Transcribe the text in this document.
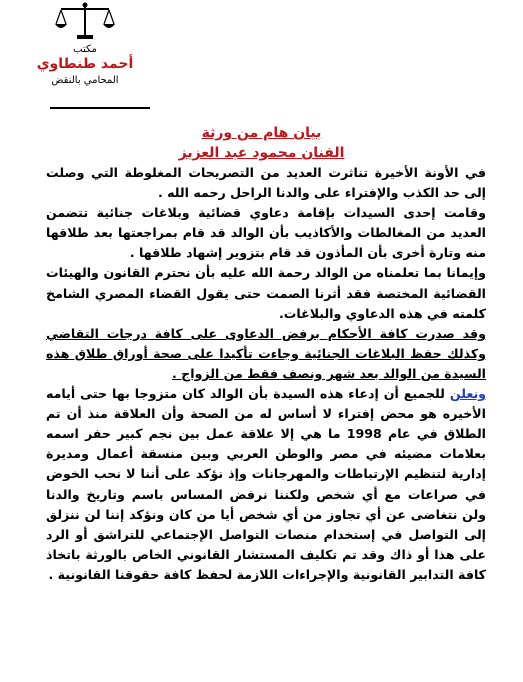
مكتب
أحمد طنطاوي
المحامي بالنقض
بيان هام من ورثة
الفنان محمود عبد العزيز

في الأونة الأخيرة تناثرت العديد من التصريحات المغلوطة التي وصلت إلى حد الكذب والإفتراء على والدنا الراحل رحمه الله .

وقامت إحدى السيدات بإقامة دعاوي قضائية وبلاغات جنائية تتضمن العديد من المغالطات والأكاذيب بأن الوالد قد قام بمراجعتها بعد طلاقها منه وتارة أخرى بأن المأذون قد قام بتزوير إشهاد طلاقها .

وإيمانا بما تعلمناه من الوالد رحمة الله عليه بأن نحترم القانون والهيئات القضائية المختصة فقد أثرنا الصمت حتى يقول القضاء المصري الشامخ كلمته في هذه الدعاوي والبلاغات.

وقد صدرت كافة الأحكام برفض الدعاوى على كافة درجات التقاضي وكذلك حفظ البلاغات الجنائية وجاءت تأكيدا على صحة أوراق طلاق هذه السيدة من الوالد بعد شهر ونصف فقط من الزواج .

ونعلن للجميع أن إدعاء هذه السيدة بأن الوالد كان متزوجا بها حتى أيامه الأخيره هو محض إفتراء لا أساس له من الصحة وأن العلاقة منذ أن تم الطلاق في عام 1998 ما هي إلا علاقة عمل بين نجم كبير حفر اسمه بعلامات مضيئه في مصر والوطن العربي وبين منسقة أعمال ومديرة إدارية لتنظيم الإرتباطات والمهرجانات وإذ نؤكد على أننا لا نحب الخوض في صراعات مع أي شخص ولكننا نرفض المساس باسم وتاريخ والدنا ولن نتغاضى عن أي تجاوز من أي شخص أيا من كان ونؤكد إننا لن ننزلق إلى التواصل في إستخدام منصات التواصل الإجتماعي للتراشق أو الرد على هذا أو ذاك وقد تم تكليف المستشار القانوني الخاص بالورثة باتخاذ كافة التدابير القانونية والإجراءات اللازمة لحفظ كافة حقوقنا القانونية .
